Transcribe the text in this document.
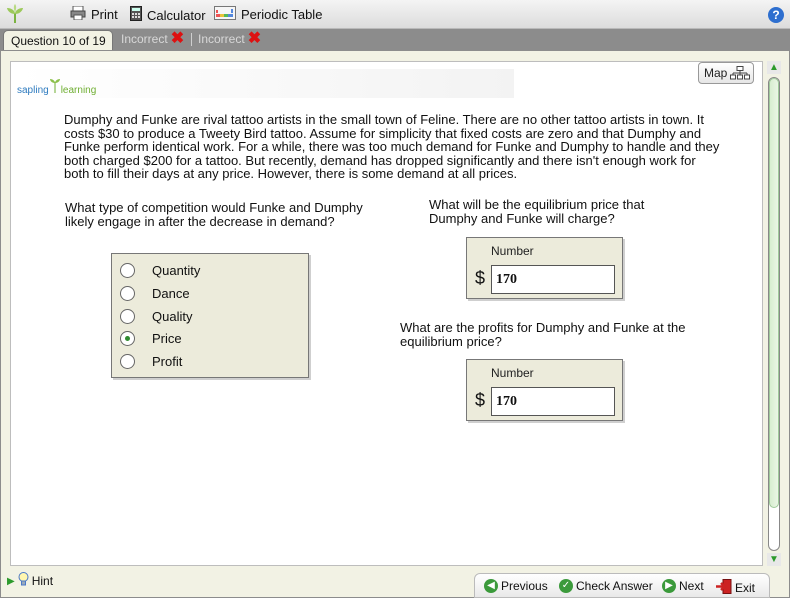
Print Calculator	Periodic Table	?
Question 10 of 19	Incorrect ✖ Incorrect ✖
sapling learning
Map
Dumphy and Funke are rival tattoo artists in the small town of Feline. There are no other tattoo artists in town. It costs $30 to produce a Tweety Bird tattoo. Assume for simplicity that fixed costs are zero and that Dumphy and Funke perform identical work. For a while, there was too much demand for Funke and Dumphy to handle and they both charged $200 for a tattoo. But recently, demand has dropped significantly and there isn't enough work for both to fill their days at any price. However, there is some demand at all prices.
What type of competition would Funke and Dumphy likely engage in after the decrease in demand?
Quantity
Dance
Quality
Price
Profit
What will be the equilibrium price that Dumphy and Funke will charge?
Number
$ 170
What are the profits for Dumphy and Funke at the equilibrium price?
Number
$ 170
◀ Previous ✓ Check Answer	▶ Next	Exit
▲
▼
▶ Hint
